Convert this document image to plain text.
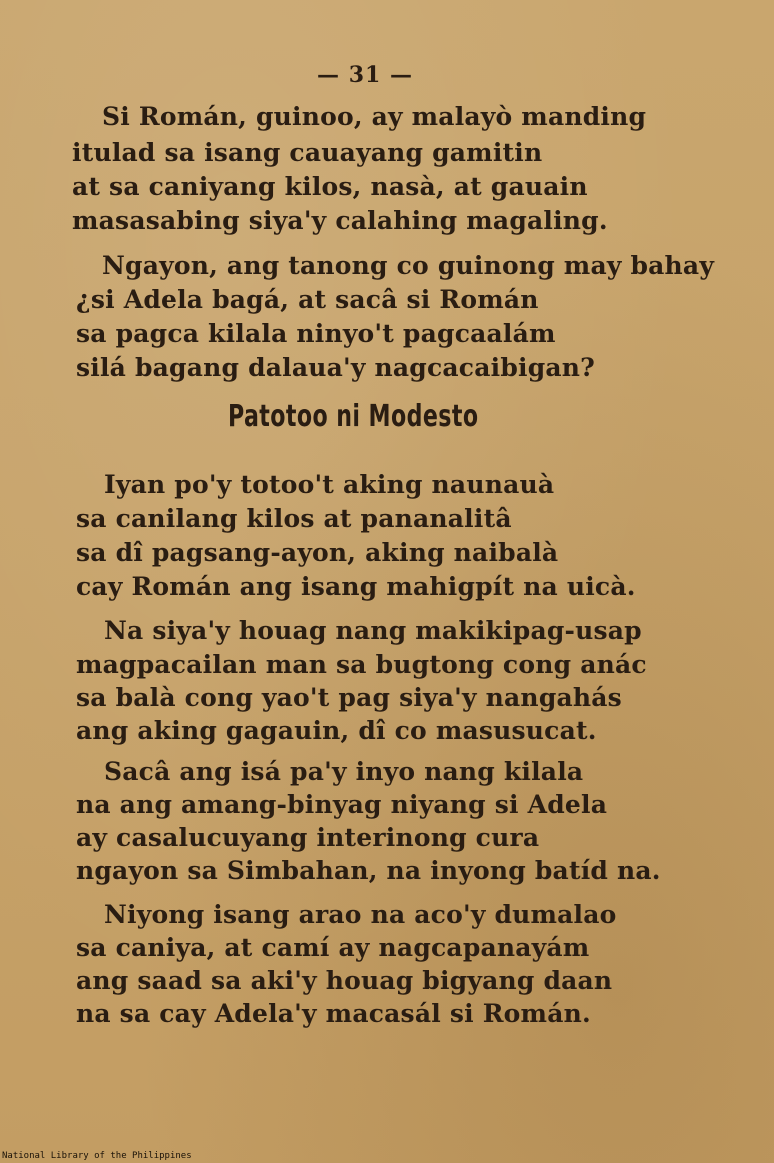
— 31 —
Si Román, guinoo, ay malayò manding
itulad sa isang cauayang gamitin
at sa caniyang kilos, nasà, at gauain
masasabing siya'y calahing magaling.
Ngayon, ang tanong co guinong may bahay
¿si Adela bagá, at sacâ si Román
sa pagca kilala ninyo't pagcaalám
silá bagang dalaua'y nagcacaibigan?
Patotoo ni Modesto
Iyan po'y totoo't aking naunauà
sa canilang kilos at pananalitâ
sa dî pagsang-ayon, aking naibalà
cay Román ang isang mahigpít na uicà.
Na siya'y houag nang makikipag-usap
magpacailan man sa bugtong cong anác
sa balà cong yao't pag siya'y nangahás
ang aking gagauin, dî co masusucat.
Sacâ ang isá pa'y inyo nang kilala
na ang amang-binyag niyang si Adela
ay casalucuyang interinong cura
ngayon sa Simbahan, na inyong batíd na.
Niyong isang arao na aco'y dumalao
sa caniya, at camí ay nagcapanayám
ang saad sa aki'y houag bigyang daan
na sa cay Adela'y macasál si Román.
National Library of the Philippines
